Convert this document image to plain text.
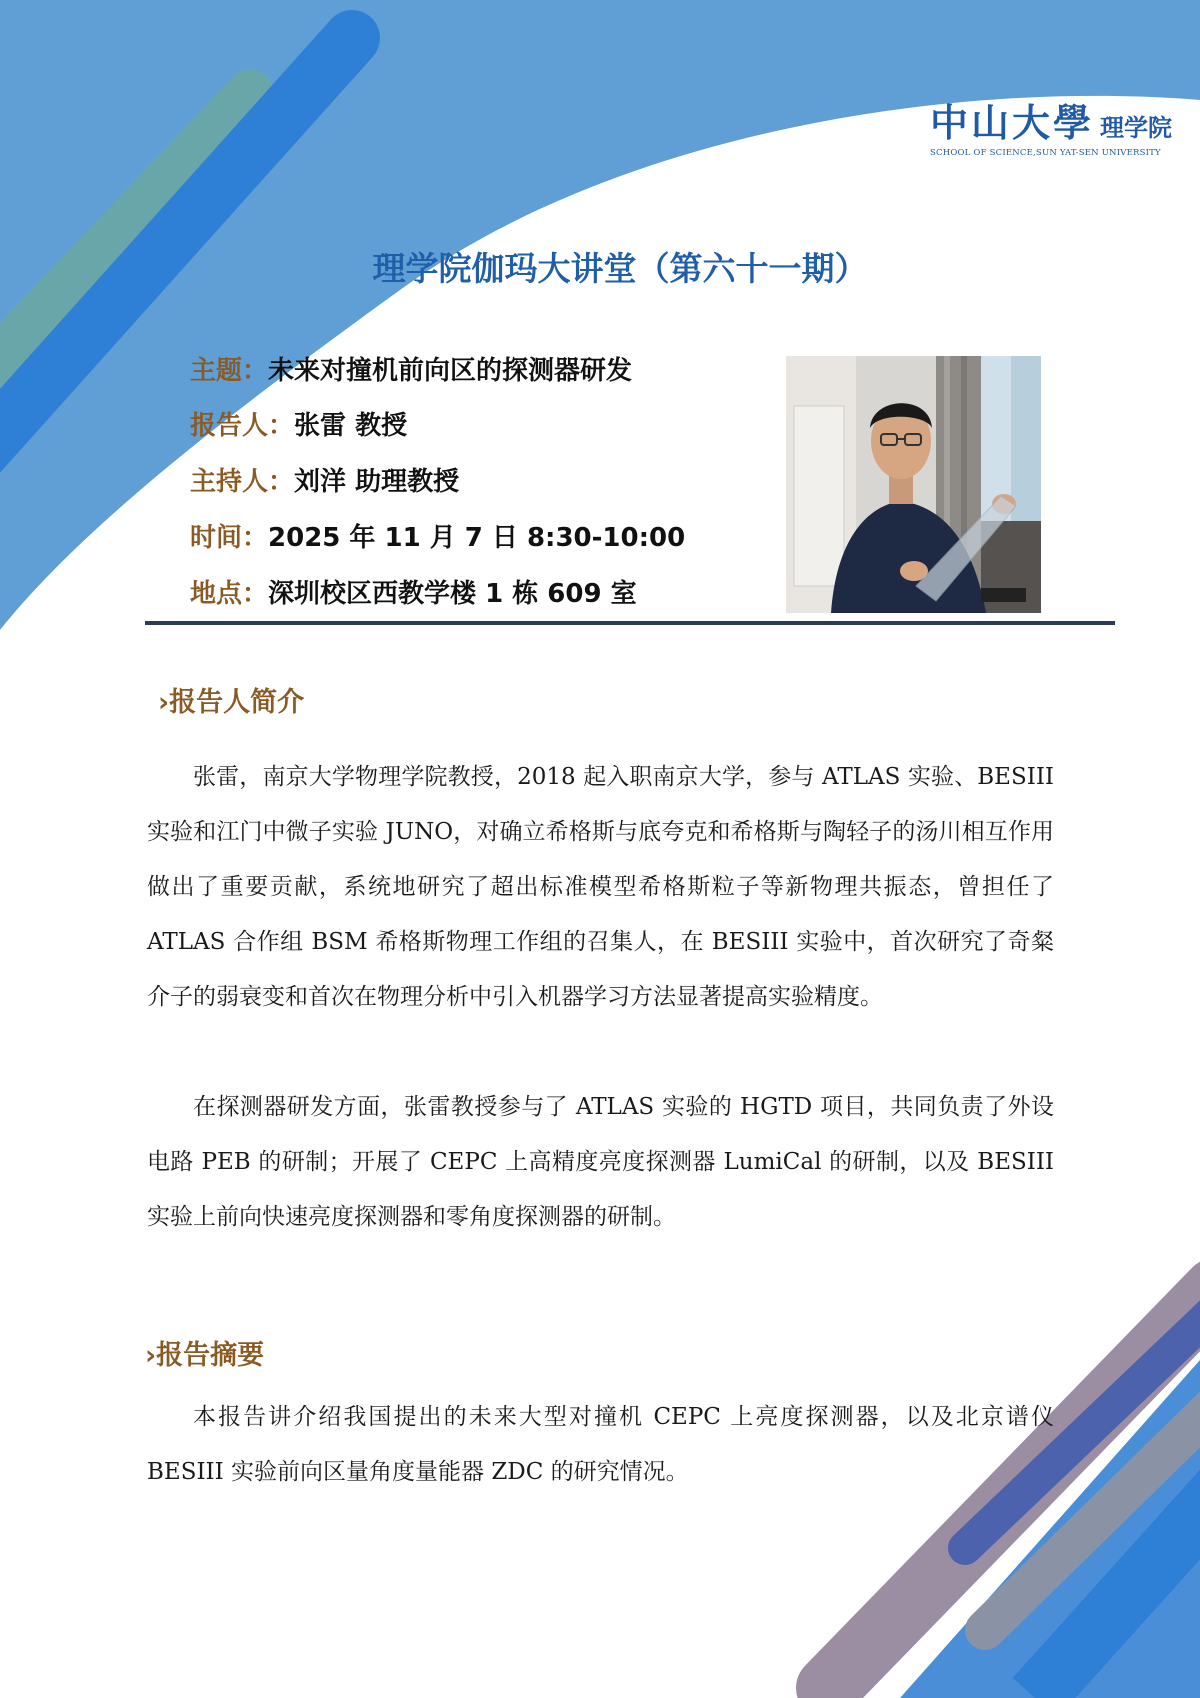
中山大學 理学院
SCHOOL OF SCIENCE,SUN YAT-SEN UNIVERSITY
理学院伽玛大讲堂（第六十一期）
主题：未来对撞机前向区的探测器研发
报告人：张雷 教授
主持人：刘洋 助理教授
时间：2025 年 11 月 7 日 8:30-10:00
地点：深圳校区西教学楼 1 栋 609 室
›报告人简介
张雷，南京大学物理学院教授，2018 起入职南京大学，参与 ATLAS 实验、BESIII 实验和江门中微子实验 JUNO，对确立希格斯与底夸克和希格斯与陶轻子的汤川相互作用做出了重要贡献，系统地研究了超出标准模型希格斯粒子等新物理共振态，曾担任了 ATLAS 合作组 BSM 希格斯物理工作组的召集人，在 BESIII 实验中，首次研究了奇粲介子的弱衰变和首次在物理分析中引入机器学习方法显著提高实验精度。
在探测器研发方面，张雷教授参与了 ATLAS 实验的 HGTD 项目，共同负责了外设电路 PEB 的研制；开展了 CEPC 上高精度亮度探测器 LumiCal 的研制，以及 BESIII 实验上前向快速亮度探测器和零角度探测器的研制。
›报告摘要
本报告讲介绍我国提出的未来大型对撞机 CEPC 上亮度探测器，以及北京谱仪 BESIII 实验前向区量角度量能器 ZDC 的研究情况。
